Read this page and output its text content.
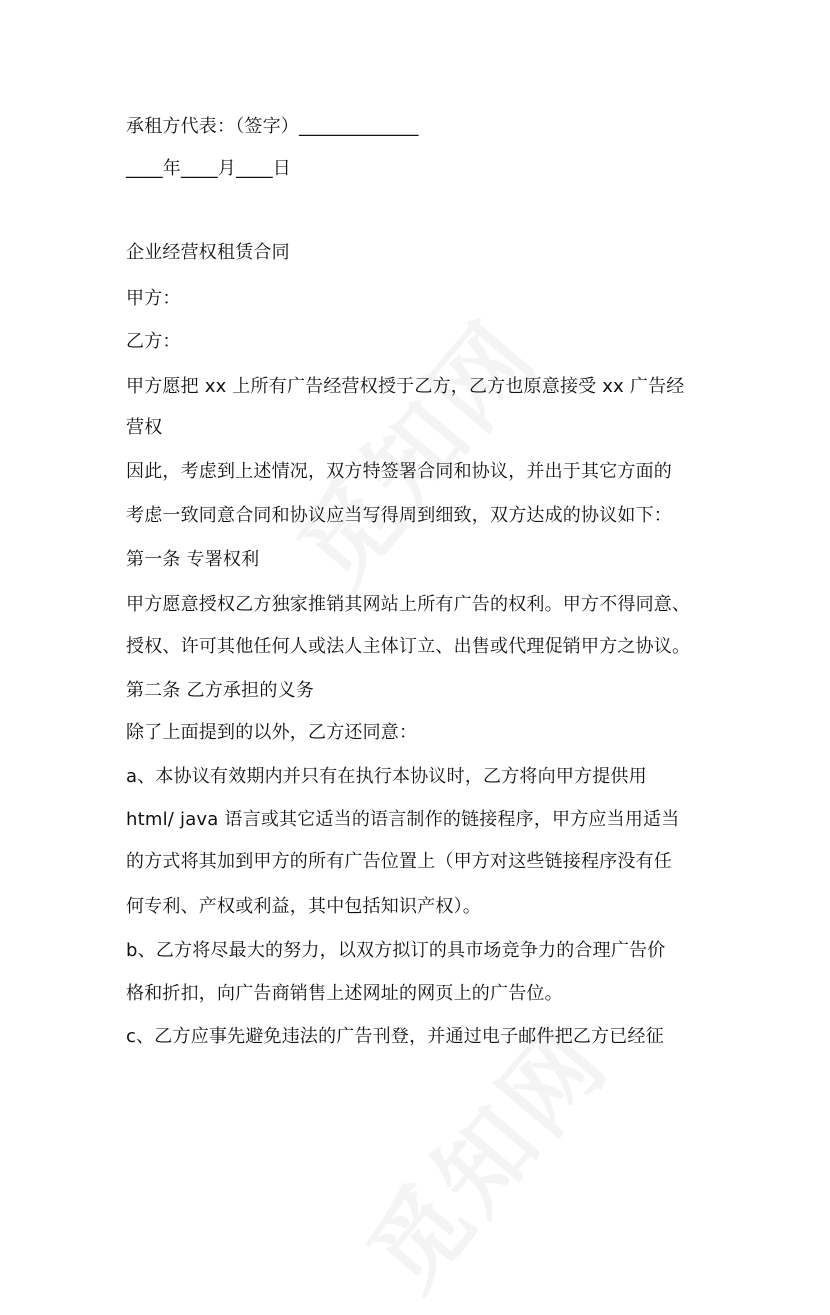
承租方代表：（签字）_____________
____年____月____日
企业经营权租赁合同
甲方：
乙方：
甲方愿把 xx 上所有广告经营权授于乙方，乙方也原意接受 xx 广告经
营权
因此，考虑到上述情况，双方特签署合同和协议，并出于其它方面的
考虑一致同意合同和协议应当写得周到细致，双方达成的协议如下：
第一条 专署权利
甲方愿意授权乙方独家推销其网站上所有广告的权利。甲方不得同意、
授权、许可其他任何人或法人主体订立、出售或代理促销甲方之协议。
第二条 乙方承担的义务
除了上面提到的以外，乙方还同意：
a、本协议有效期内并只有在执行本协议时，乙方将向甲方提供用
html/ java 语言或其它适当的语言制作的链接程序，甲方应当用适当
的方式将其加到甲方的所有广告位置上（甲方对这些链接程序没有任
何专利、产权或利益，其中包括知识产权）。
b、乙方将尽最大的努力，以双方拟订的具市场竞争力的合理广告价
格和折扣，向广告商销售上述网址的网页上的广告位。
c、乙方应事先避免违法的广告刊登，并通过电子邮件把乙方已经征
